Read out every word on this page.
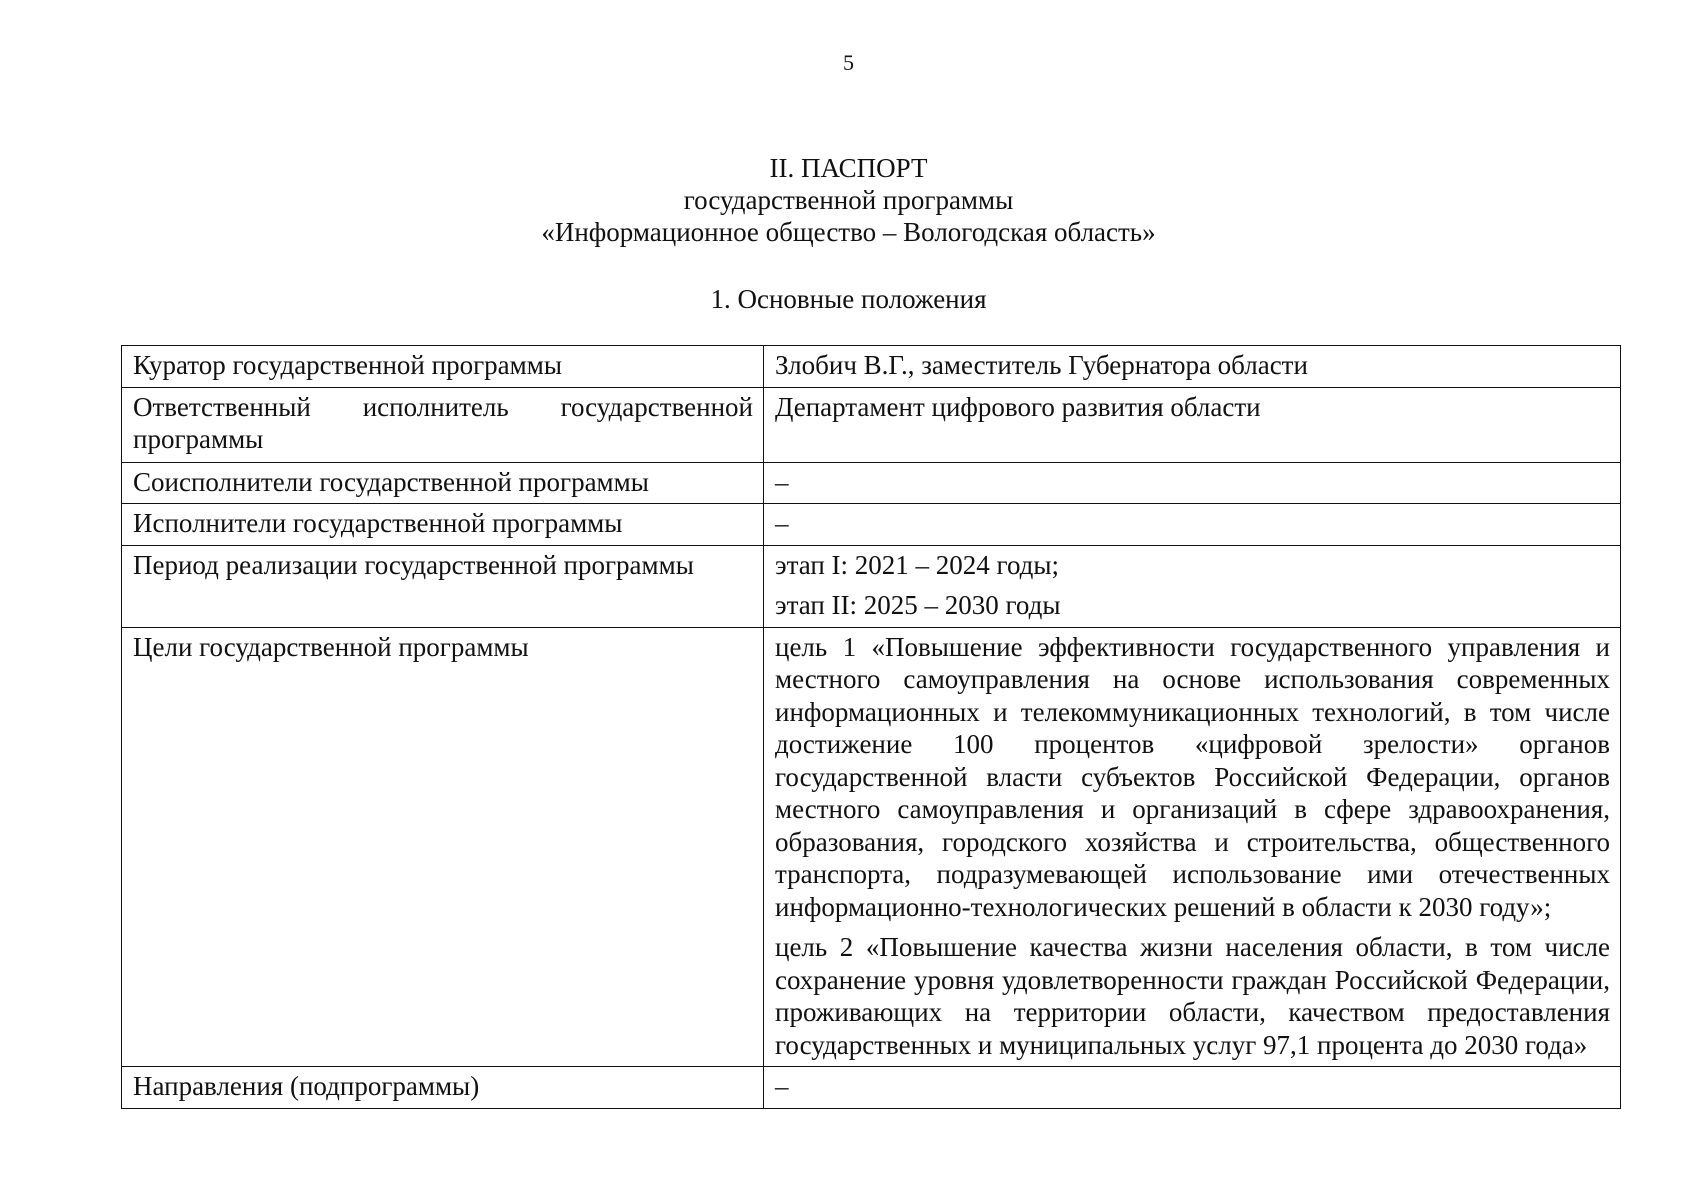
5
II. ПАСПОРТ
государственной программы
«Информационное общество – Вологодская область»
1. Основные положения
Куратор государственной программы	Злобич В.Г., заместитель Губернатора области

Ответственный исполнитель государственной программы	Департамент цифрового развития области

Соисполнители государственной программы	–

Исполнители государственной программы	–

Период реализации государственной программы	этап I: 2021 – 2024 годы;
этап II: 2025 – 2030 годы

Цели государственной программы	цель 1 «Повышение эффективности государственного управления и местного самоуправления на основе использования современных информационных и телекоммуникационных технологий, в том числе достижение 100 процентов «цифровой зрелости» органов государственной власти субъектов Российской Федерации, органов местного самоуправления и организаций в сфере здравоохранения, образования, городского хозяйства и строительства, общественного транспорта, подразумевающей использование ими отечественных информационно-технологических решений в области к 2030 году»;
цель 2 «Повышение качества жизни населения области, в том числе сохранение уровня удовлетворенности граждан Российской Федерации, проживающих на территории области, качеством предоставления государственных и муниципальных услуг 97,1 процента до 2030 года»

Направления (подпрограммы)	–
